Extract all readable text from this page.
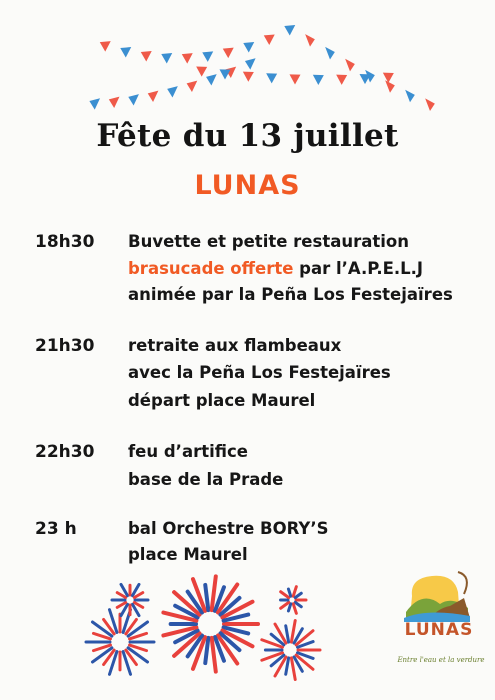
Fête du 13 juillet
LUNAS
18h30	Buvette et petite restauration
brasucade offerte par l’A.P.E.L.J
animée par la Peña Los Festejaïres
21h30	retraite aux flambeaux
avec la Peña Los Festejaïres
départ place Maurel
22h30	feu d’artifice
base de la Prade
23 h	bal Orchestre BORY’S
place Maurel
LUNAS
Entre l'eau et la verdure
